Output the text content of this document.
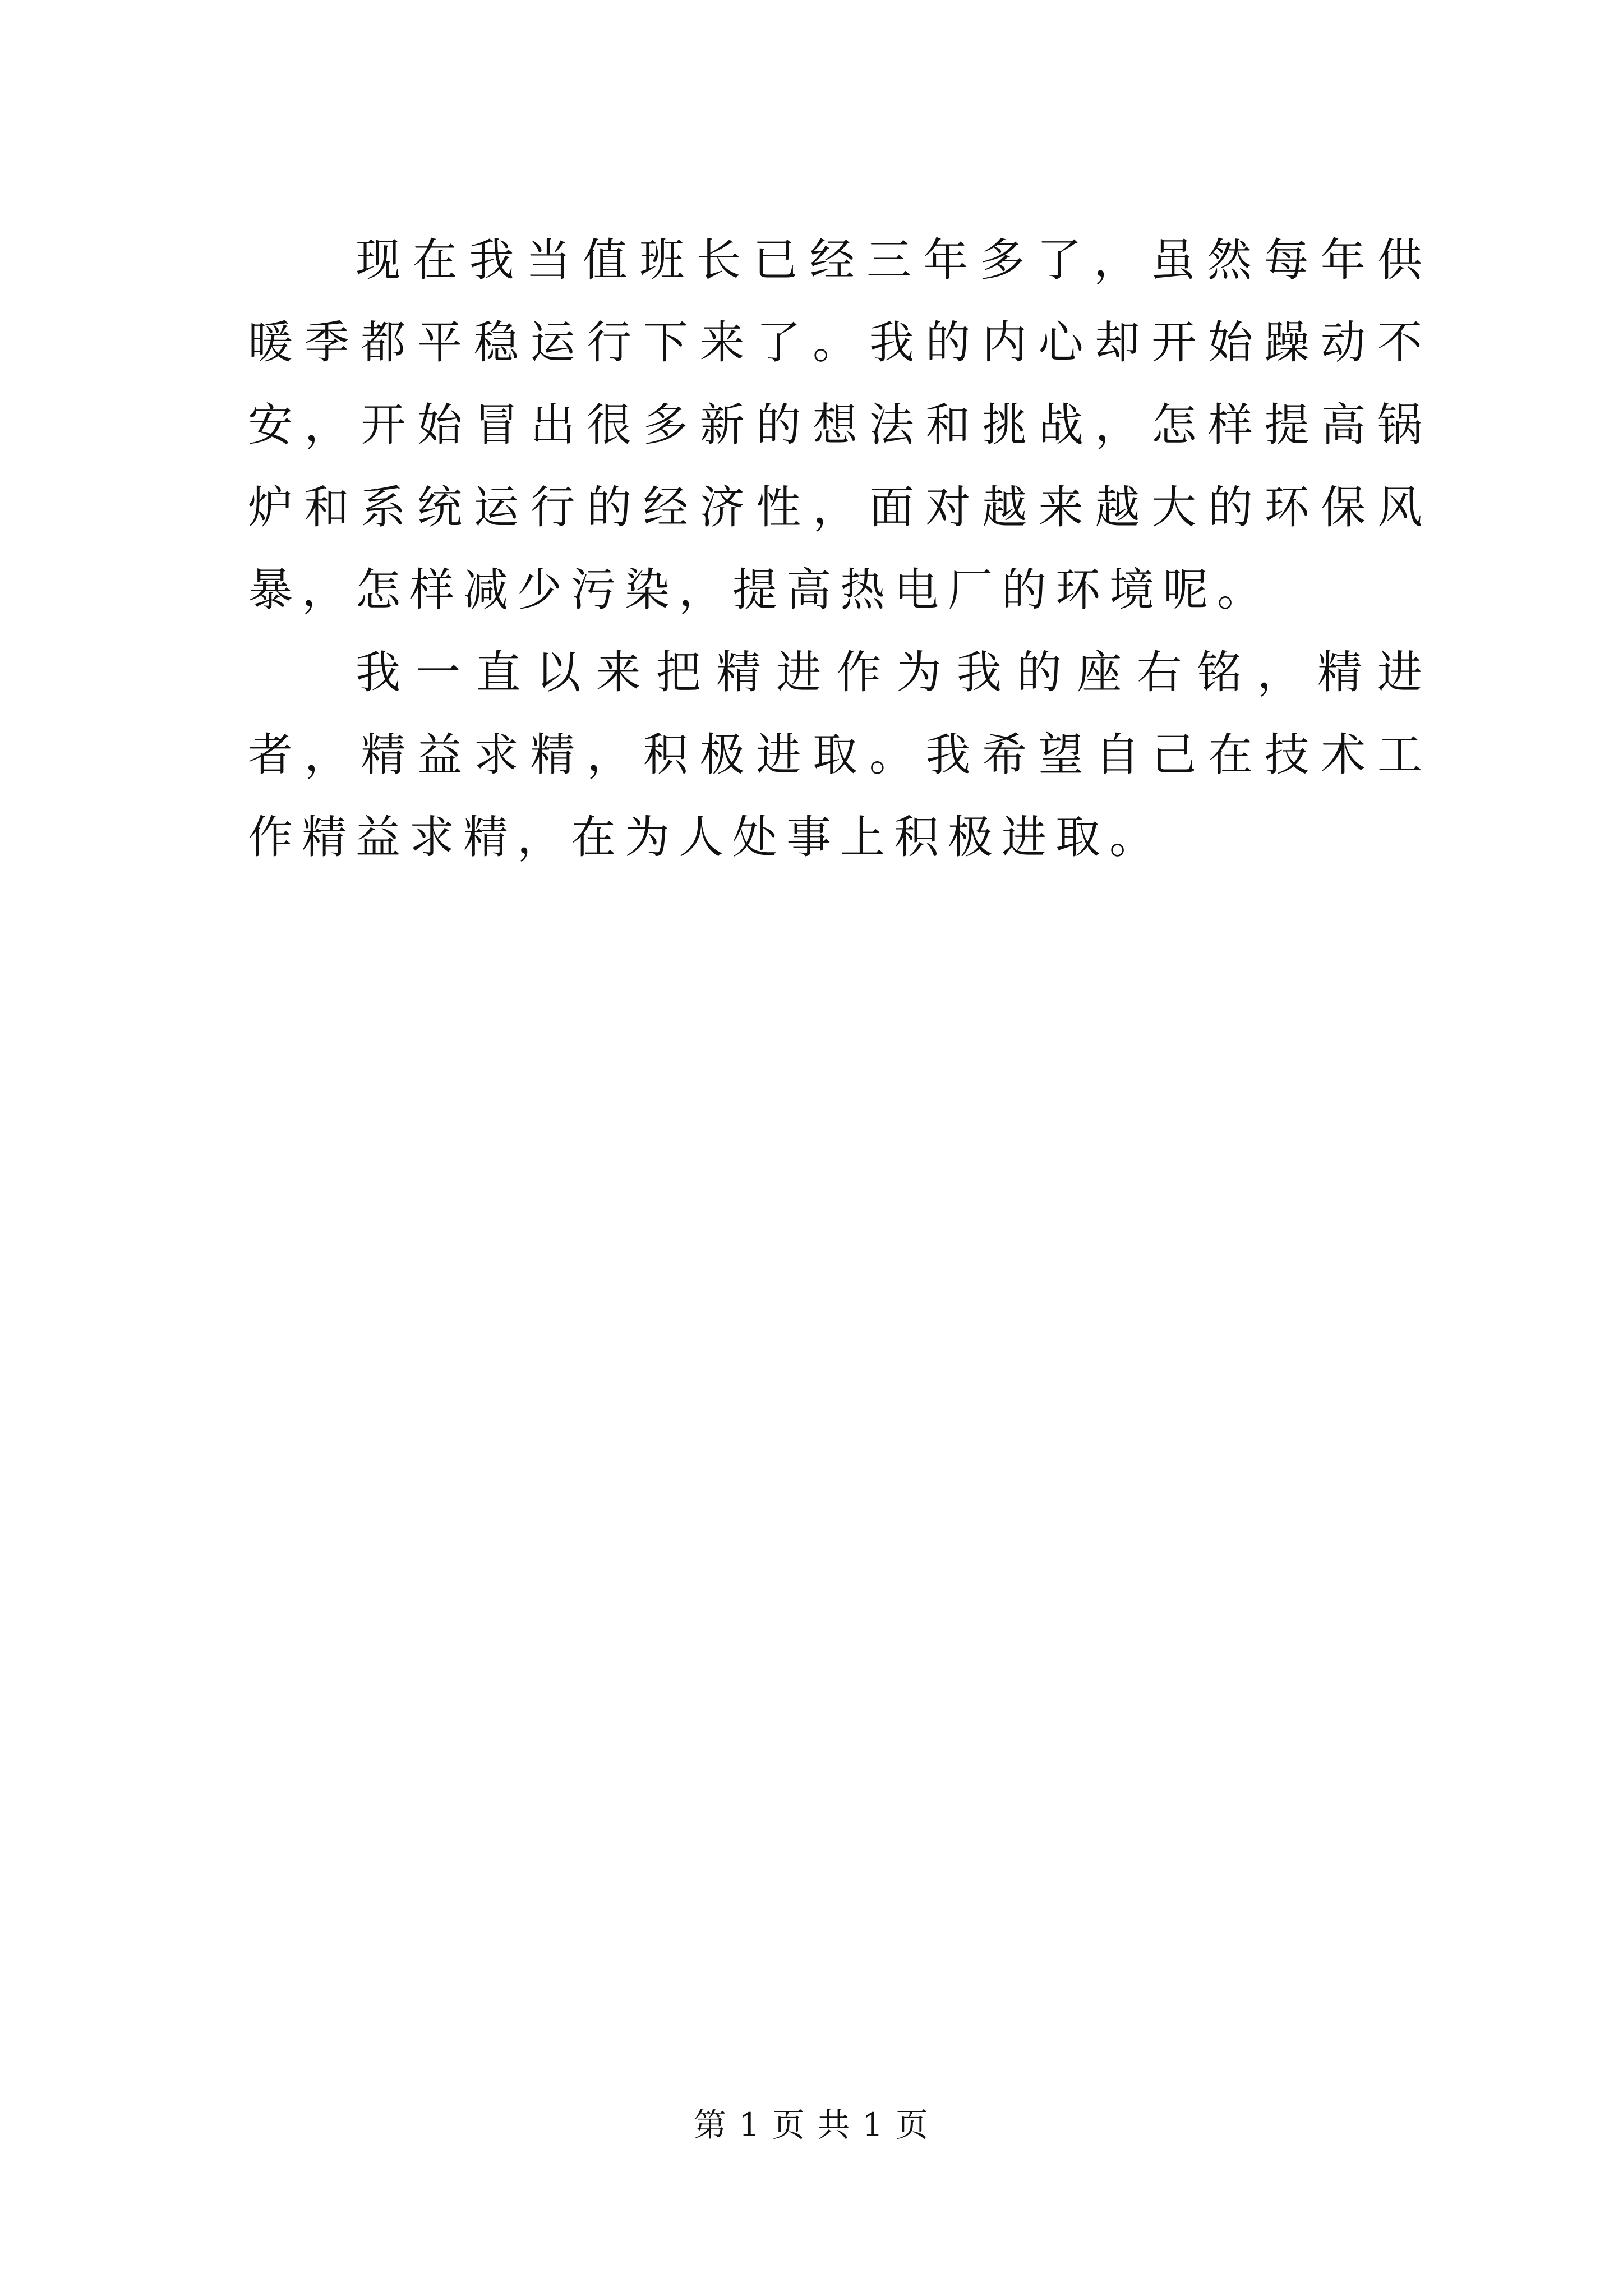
现在我当值班长已经三年多了，虽然每年供暖季都平稳运行下来了。我的内心却开始躁动不安，开始冒出很多新的想法和挑战，怎样提高锅炉和系统运行的经济性，面对越来越大的环保风暴，怎样减少污染，提高热电厂的环境呢。

我一直以来把精进作为我的座右铭，精进者，精益求精，积极进取。我希望自己在技术工作精益求精，在为人处事上积极进取。

第 1 页 共 1 页
